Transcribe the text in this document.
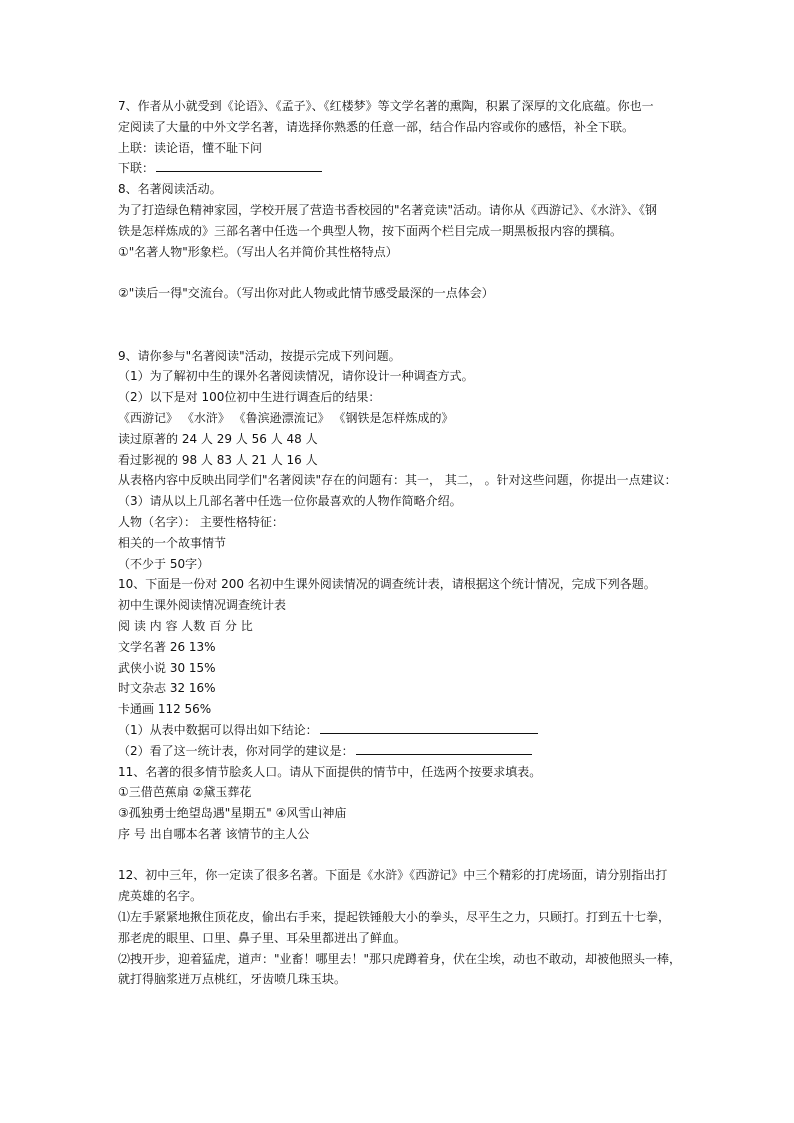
7、作者从小就受到《论语》、《孟子》、《红楼梦》等文学名著的熏陶，积累了深厚的文化底蕴。你也一
定阅读了大量的中外文学名著，请选择你熟悉的任意一部，结合作品内容或你的感悟，补全下联。
上联：读论语，懂不耻下问
下联：
8、名著阅读活动。
为了打造绿色精神家园，学校开展了营造书香校园的"名著竞读"活动。请你从《西游记》、《水浒》、《钢
铁是怎样炼成的》三部名著中任选一个典型人物，按下面两个栏目完成一期黑板报内容的撰稿。
①"名著人物"形象栏。（写出人名并简价其性格特点）
②"读后一得"交流台。（写出你对此人物或此情节感受最深的一点体会）
9、请你参与"名著阅读"活动，按提示完成下列问题。
（1）为了解初中生的课外名著阅读情况，请你设计一种调查方式。
（2）以下是对 100位初中生进行调查后的结果：
《西游记》 《水浒》 《鲁滨逊漂流记》 《钢铁是怎样炼成的》
读过原著的 24 人 29 人 56 人 48 人
看过影视的 98 人 83 人 21 人 16 人
从表格内容中反映出同学们"名著阅读"存在的问题有：其一， 其二， 。针对这些问题，你提出一点建议：
（3）请从以上几部名著中任选一位你最喜欢的人物作简略介绍。
人物（名字）： 主要性格特征：
相关的一个故事情节
（不少于 50字）
10、下面是一份对 200 名初中生课外阅读情况的调查统计表，请根据这个统计情况，完成下列各题。
初中生课外阅读情况调查统计表
阅 读 内 容 人数 百 分 比
文学名著 26 13%
武侠小说 30 15%
时文杂志 32 16%
卡通画 112 56%
（1）从表中数据可以得出如下结论：
（2）看了这一统计表，你对同学的建议是：
11、名著的很多情节脍炙人口。请从下面提供的情节中，任选两个按要求填表。
①三借芭蕉扇 ②黛玉葬花
③孤独勇士绝望岛遇"星期五" ④风雪山神庙
序 号 出自哪本名著 该情节的主人公
12、初中三年，你一定读了很多名著。下面是《水浒》《西游记》中三个精彩的打虎场面，请分别指出打
虎英雄的名字。
⑴左手紧紧地揪住顶花皮，偷出右手来，提起铁锤般大小的拳头，尽平生之力，只顾打。打到五十七拳，
那老虎的眼里、口里、鼻子里、耳朵里都迸出了鲜血。
⑵拽开步，迎着猛虎，道声："业畜！哪里去！"那只虎蹲着身，伏在尘埃，动也不敢动，却被他照头一棒，
就打得脑浆迸万点桃红，牙齿喷几珠玉块。
